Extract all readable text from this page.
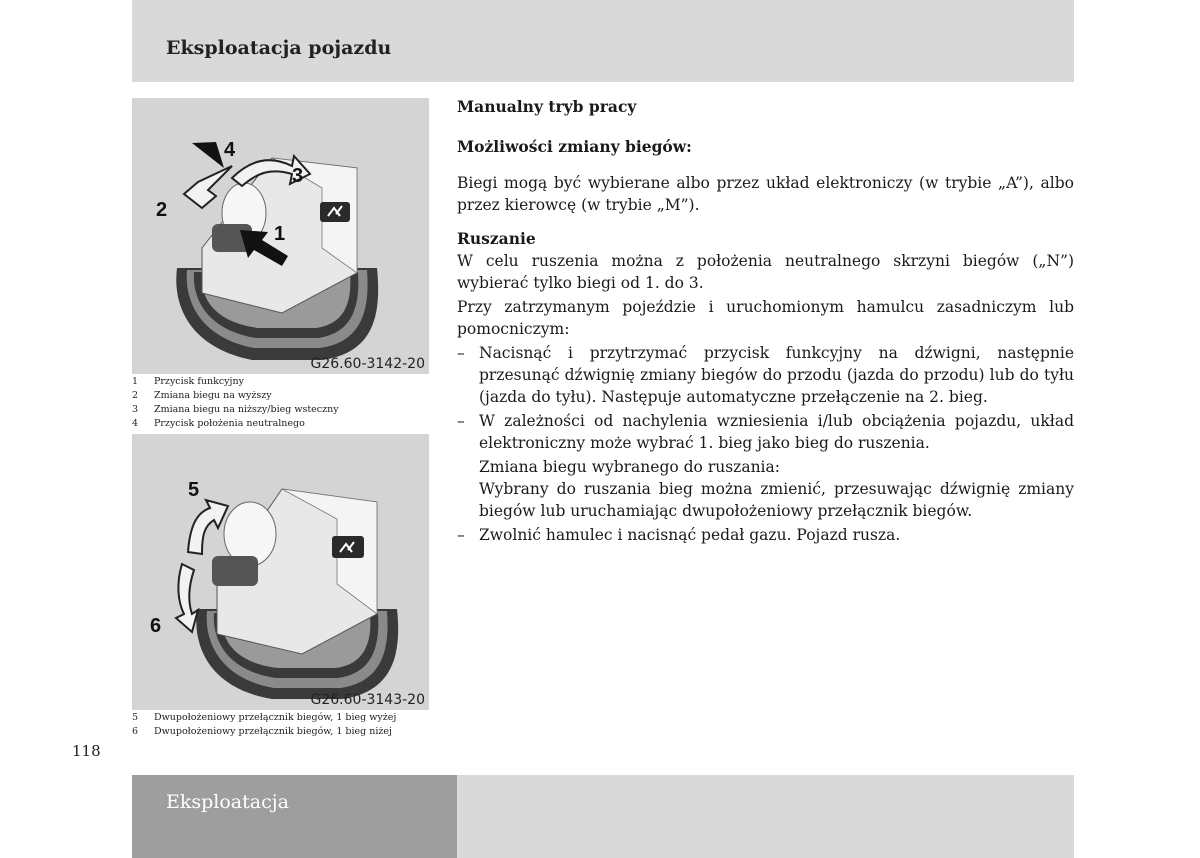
Eksploatacja pojazdu
4
3
2
1
G26.60-3142-20
1	Przycisk funkcyjny
2	Zmiana biegu na wyższy
3	Zmiana biegu na niższy/bieg wsteczny
4	Przycisk położenia neutralnego
5
6
G26.60-3143-20
5	Dwupołożeniowy przełącznik biegów, 1 bieg wyżej
6	Dwupołożeniowy przełącznik biegów, 1 bieg niżej
Manualny tryb pracy
Możliwości zmiany biegów:

Biegi mogą być wybierane albo przez układ elektroniczy (w trybie „A”), albo przez kierowcę (w trybie „M”).

Ruszanie

W celu ruszenia można z położenia neutralnego skrzyni biegów („N”) wybierać tylko biegi od 1. do 3.

Przy zatrzymanym pojeździe i uruchomionym hamulcu zasadniczym lub pomocniczym:

– Nacisnąć i przytrzymać przycisk funkcyjny na dźwigni, następnie przesunąć dźwignię zmiany biegów do przodu (jazda do przodu) lub do tyłu (jazda do tyłu). Następuje automatyczne przełączenie na 2. bieg.
– W zależności od nachylenia wzniesienia i/lub obciążenia pojazdu, układ elektroniczny może wybrać 1. bieg jako bieg do ruszenia.

Zmiana biegu wybranego do ruszania:

Wybrany do ruszania bieg można zmienić, przesuwając dźwignię zmiany biegów lub uruchamiając dwupołożeniowy przełącznik biegów.

– Zwolnić hamulec i nacisnąć pedał gazu. Pojazd rusza.
118
Eksploatacja
